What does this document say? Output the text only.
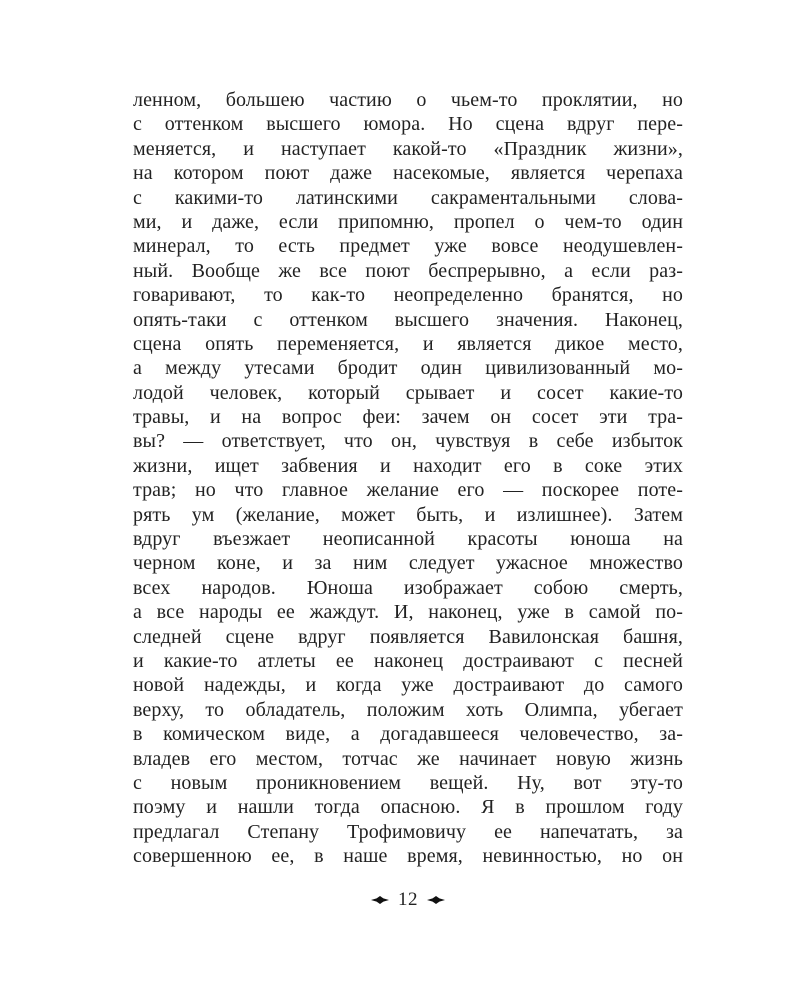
ленном, большею частию о чьем-то проклятии, но
с оттенком высшего юмора. Но сцена вдруг пере-
меняется, и наступает какой-то «Праздник жизни»,
на котором поют даже насекомые, является черепаха
с какими-то латинскими сакраментальными слова-
ми, и даже, если припомню, пропел о чем-то один
минерал, то есть предмет уже вовсе неодушевлен-
ный. Вообще же все поют беспрерывно, а если раз-
говаривают, то как-то неопределенно бранятся, но
опять-таки с оттенком высшего значения. Наконец,
сцена опять переменяется, и является дикое место,
а между утесами бродит один цивилизованный мо-
лодой человек, который срывает и сосет какие-то
травы, и на вопрос феи: зачем он сосет эти тра-
вы? — ответствует, что он, чувствуя в себе избыток
жизни, ищет забвения и находит его в соке этих
трав; но что главное желание его — поскорее поте-
рять ум (желание, может быть, и излишнее). Затем
вдруг въезжает неописанной красоты юноша на
черном коне, и за ним следует ужасное множество
всех народов. Юноша изображает собою смерть,
а все народы ее жаждут. И, наконец, уже в самой по-
следней сцене вдруг появляется Вавилонская башня,
и какие-то атлеты ее наконец достраивают с песней
новой надежды, и когда уже достраивают до самого
верху, то обладатель, положим хоть Олимпа, убегает
в комическом виде, а догадавшееся человечество, за-
владев его местом, тотчас же начинает новую жизнь
с новым проникновением вещей. Ну, вот эту-то
поэму и нашли тогда опасною. Я в прошлом году
предлагал Степану Трофимовичу ее напечатать, за
совершенною ее, в наше время, невинностью, но он
12
